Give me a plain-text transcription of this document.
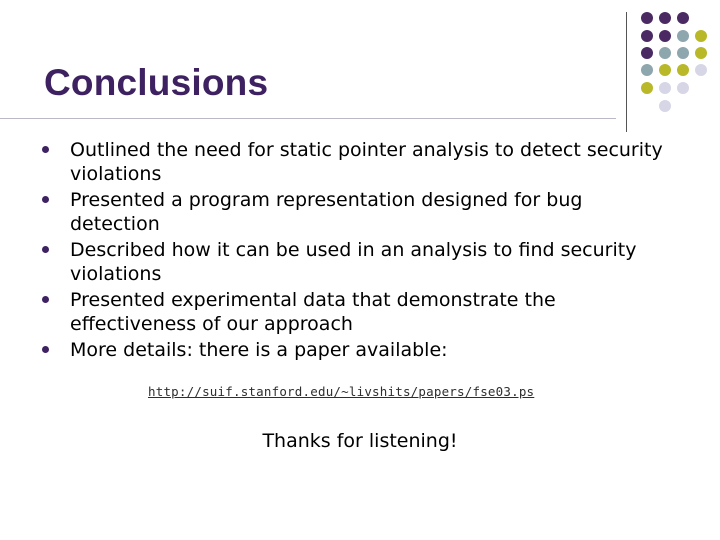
Conclusions
Outlined the need for static pointer analysis to detect security violations
Presented a program representation designed for bug detection
Described how it can be used in an analysis to find security violations
Presented experimental data that demonstrate the effectiveness of our approach
More details: there is a paper available:
http://suif.stanford.edu/~livshits/papers/fse03.ps
Thanks for listening!
